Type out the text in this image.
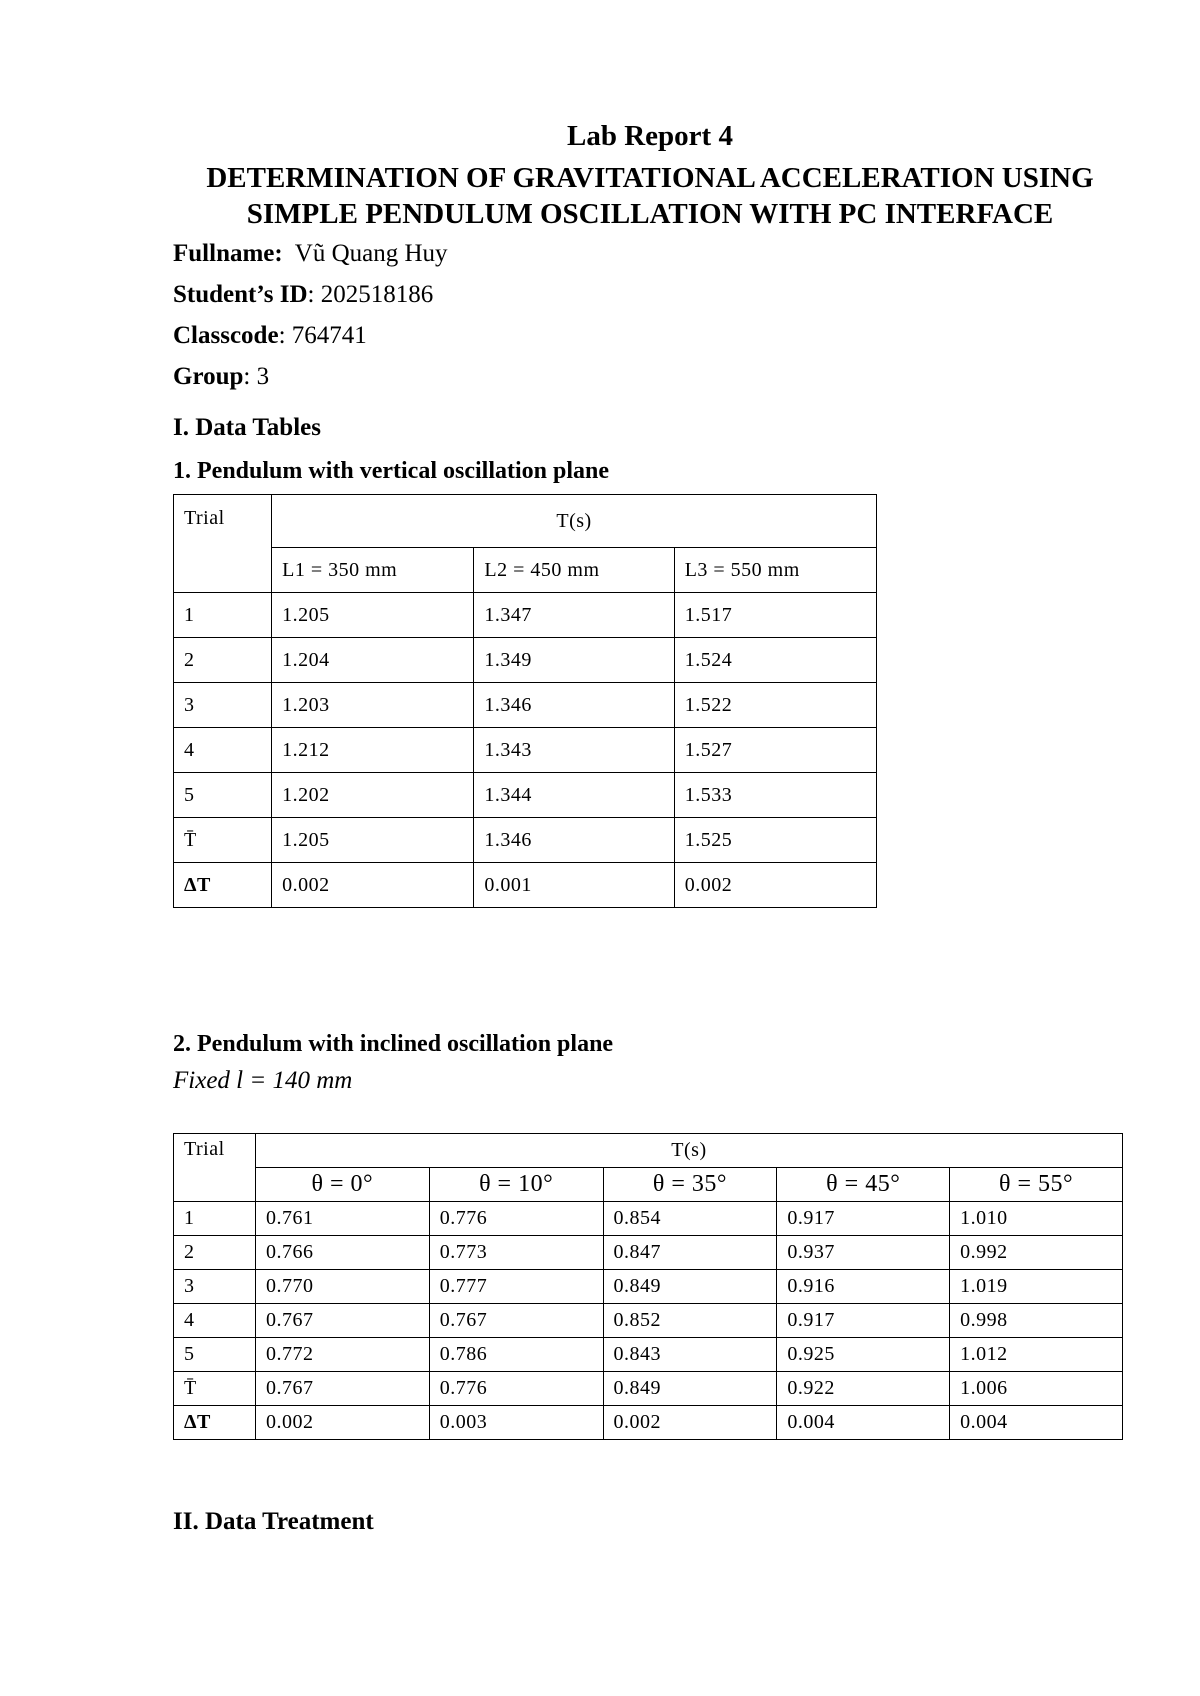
Lab Report 4
DETERMINATION OF GRAVITATIONAL ACCELERATION USING
SIMPLE PENDULUM OSCILLATION WITH PC INTERFACE
Fullname: Vũ Quang Huy
Student’s ID: 202518186
Classcode: 764741
Group: 3
I. Data Tables
1. Pendulum with vertical oscillation plane
Trial	T(s)		
	L1 = 350 mm	L2 = 450 mm	L3 = 550 mm
1	1.205	1.347	1.517
2	1.204	1.349	1.524
3	1.203	1.346	1.522
4	1.212	1.343	1.527
5	1.202	1.344	1.533
T̄	1.205	1.346	1.525
ΔT	0.002	0.001	0.002
2. Pendulum with inclined oscillation plane
Fixed l = 140 mm
Trial	T(s)				
	θ = 0°	θ = 10°	θ = 35°	θ = 45°	θ = 55°
1	0.761	0.776	0.854	0.917	1.010
2	0.766	0.773	0.847	0.937	0.992
3	0.770	0.777	0.849	0.916	1.019
4	0.767	0.767	0.852	0.917	0.998
5	0.772	0.786	0.843	0.925	1.012
T̄	0.767	0.776	0.849	0.922	1.006
ΔT	0.002	0.003	0.002	0.004	0.004
II. Data Treatment
